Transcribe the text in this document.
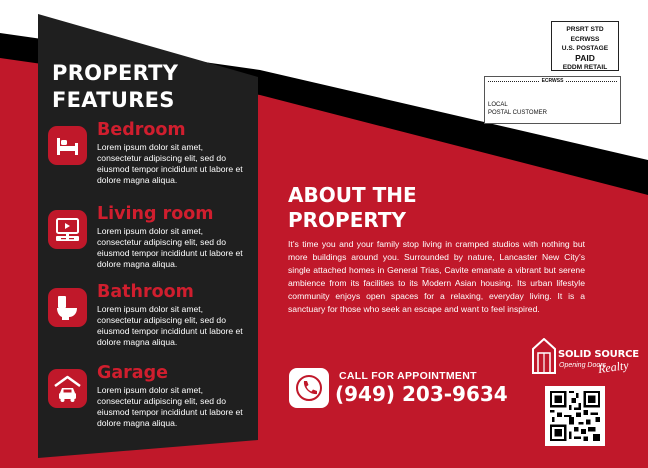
PROPERTY
FEATURES
Bedroom
Lorem ipsum dolor sit amet, consectetur adipiscing elit, sed do eiusmod tempor incididunt ut labore et dolore magna aliqua.
Living room
Lorem ipsum dolor sit amet, consectetur adipiscing elit, sed do eiusmod tempor incididunt ut labore et dolore magna aliqua.
Bathroom
Lorem ipsum dolor sit amet, consectetur adipiscing elit, sed do eiusmod tempor incididunt ut labore et dolore magna aliqua.
Garage
Lorem ipsum dolor sit amet, consectetur adipiscing elit, sed do eiusmod tempor incididunt ut labore et dolore magna aliqua.
PRSRT STD
ECRWSS
U.S. POSTAGE
PAID
EDDM RETAIL
ECRWSS
LOCAL
POSTAL CUSTOMER
ABOUT THE
PROPERTY

It’s time you and your family stop living in cramped studios with nothing but more buildings around you. Surrounded by nature, Lancaster New City’s single attached homes in General Trias, Cavite emanate a vibrant but serene ambience from its facilities to its Modern Asian housing. Its urban lifestyle community enjoys open spaces for a relaxing, everyday living. It is a sanctuary for those who seek an escape and want to feel inspired.

CALL FOR APPOINTMENT
(949) 203-9634
SOLID SOURCE
Opening Doors
Realty
